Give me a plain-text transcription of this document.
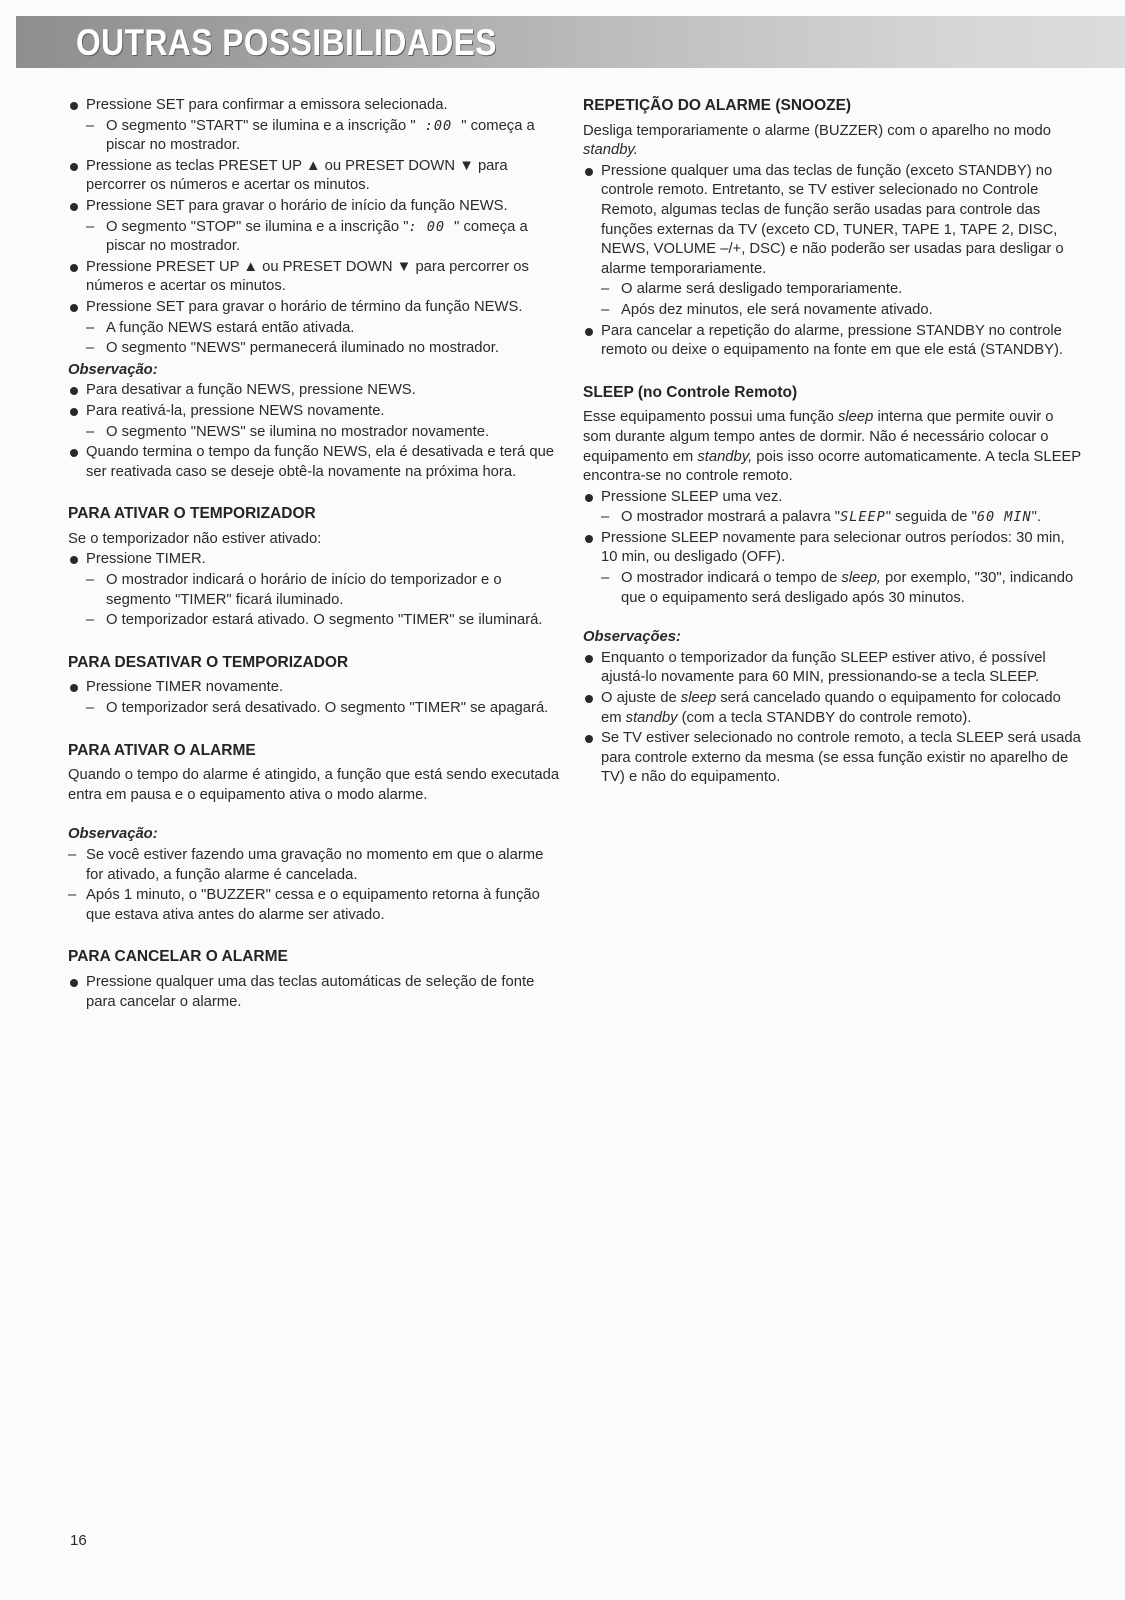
OUTRAS POSSIBILIDADES

Pressione SET para confirmar a emissora selecionada.

– O segmento "START" se ilumina e a inscrição " :00 " começa a piscar no mostrador.

Pressione as teclas PRESET UP ▲ ou PRESET DOWN ▼ para percorrer os números e acertar os minutos.

Pressione SET para gravar o horário de início da função NEWS.

– O segmento "STOP" se ilumina e a inscrição ": 00 " começa a piscar no mostrador.

Pressione PRESET UP ▲ ou PRESET DOWN ▼ para percorrer os números e acertar os minutos.

Pressione SET para gravar o horário de término da função NEWS.

– A função NEWS estará então ativada.

– O segmento "NEWS" permanecerá iluminado no mostrador.

Observação:

Para desativar a função NEWS, pressione NEWS.

Para reativá-la, pressione NEWS novamente.

– O segmento "NEWS" se ilumina no mostrador novamente.

Quando termina o tempo da função NEWS, ela é desativada e terá que ser reativada caso se deseje obtê-la novamente na próxima hora.

PARA ATIVAR O TEMPORIZADOR

Se o temporizador não estiver ativado:

Pressione TIMER.

– O mostrador indicará o horário de início do temporizador e o segmento "TIMER" ficará iluminado.

– O temporizador estará ativado. O segmento "TIMER" se iluminará.

PARA DESATIVAR O TEMPORIZADOR

Pressione TIMER novamente.

– O temporizador será desativado. O segmento "TIMER" se apagará.

PARA ATIVAR O ALARME

Quando o tempo do alarme é atingido, a função que está sendo executada entra em pausa e o equipamento ativa o modo alarme.

Observação:

– Se você estiver fazendo uma gravação no momento em que o alarme for ativado, a função alarme é cancelada.

– Após 1 minuto, o "BUZZER" cessa e o equipamento retorna à função que estava ativa antes do alarme ser ativado.

PARA CANCELAR O ALARME

Pressione qualquer uma das teclas automáticas de seleção de fonte para cancelar o alarme.

REPETIÇÃO DO ALARME (SNOOZE)

Desliga temporariamente o alarme (BUZZER) com o aparelho no modo standby.

Pressione qualquer uma das teclas de função (exceto STANDBY) no controle remoto. Entretanto, se TV estiver selecionado no Controle Remoto, algumas teclas de função serão usadas para controle das funções externas da TV (exceto CD, TUNER, TAPE 1, TAPE 2, DISC, NEWS, VOLUME –/+, DSC) e não poderão ser usadas para desligar o alarme temporariamente.

– O alarme será desligado temporariamente.

– Após dez minutos, ele será novamente ativado.

Para cancelar a repetição do alarme, pressione STANDBY no controle remoto ou deixe o equipamento na fonte em que ele está (STANDBY).

SLEEP (no Controle Remoto)

Esse equipamento possui uma função sleep interna que permite ouvir o som durante algum tempo antes de dormir. Não é necessário colocar o equipamento em standby, pois isso ocorre automaticamente. A tecla SLEEP encontra-se no controle remoto.

Pressione SLEEP uma vez.

– O mostrador mostrará a palavra "SLEEP" seguida de "60 MIN".

Pressione SLEEP novamente para selecionar outros períodos: 30 min, 10 min, ou desligado (OFF).

– O mostrador indicará o tempo de sleep, por exemplo, "30", indicando que o equipamento será desligado após 30 minutos.

Observações:

Enquanto o temporizador da função SLEEP estiver ativo, é possível ajustá-lo novamente para 60 MIN, pressionando-se a tecla SLEEP.

O ajuste de sleep será cancelado quando o equipamento for colocado em standby (com a tecla STANDBY do controle remoto).

Se TV estiver selecionado no controle remoto, a tecla SLEEP será usada para controle externo da mesma (se essa função existir no aparelho de TV) e não do equipamento.

16
